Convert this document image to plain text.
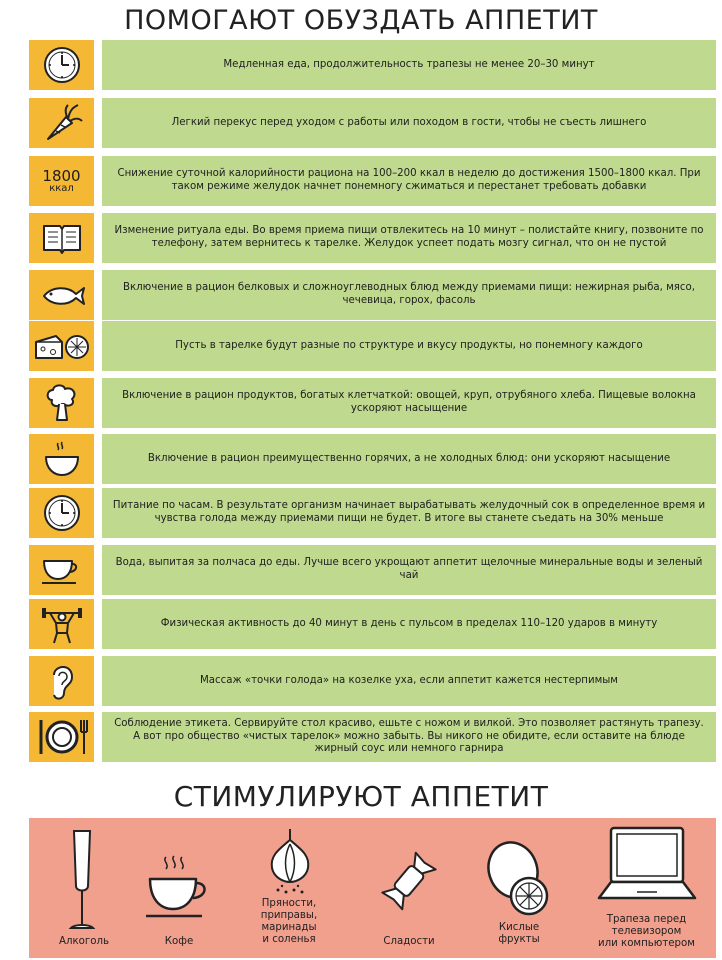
ПОМОГАЮТ ОБУЗДАТЬ АППЕТИТ
Медленная еда, продолжительность трапезы не менее 20–30 минут
Легкий перекус перед уходом с работы или походом в гости, чтобы не съесть лишнего
1800
ккал
Снижение суточной калорийности рациона на 100–200 ккал в неделю до достижения 1500–1800 ккал. При таком режиме желудок начнет понемногу сжиматься и перестанет требовать добавки
Изменение ритуала еды. Во время приема пищи отвлекитесь на 10 минут – полистайте книгу, позвоните по телефону, затем вернитесь к тарелке. Желудок успеет подать мозгу сигнал, что он не пустой
Включение в рацион белковых и сложноуглеводных блюд между приемами пищи: нежирная рыба, мясо, чечевица, горох, фасоль
Пусть в тарелке будут разные по структуре и вкусу продукты, но понемногу каждого
Включение в рацион продуктов, богатых клетчаткой: овощей, круп, отрубяного хлеба. Пищевые волокна ускоряют насыщение
Включение в рацион преимущественно горячих, а не холодных блюд: они ускоряют насыщение
Питание по часам. В результате организм начинает вырабатывать желудочный сок в определенное время и чувства голода между приемами пищи не будет. В итоге вы станете съедать на 30% меньше
Вода, выпитая за полчаса до еды. Лучше всего укрощают аппетит щелочные минеральные воды и зеленый чай
Физическая активность до 40 минут в день с пульсом в пределах 110–120 ударов в минуту
Массаж «точки голода» на козелке уха, если аппетит кажется нестерпимым
Соблюдение этикета. Сервируйте стол красиво, ешьте с ножом и вилкой. Это позволяет растянуть трапезу. А вот про общество «чистых тарелок» можно забыть. Вы никого не обидите, если оставите на блюде жирный соус или немного гарнира
СТИМУЛИРУЮТ АППЕТИТ
Алкоголь	Кофе
Пряности,
приправы,
маринады
и соленья	Сладости
Кислые
фрукты
Трапеза перед
телевизором
или компьютером
